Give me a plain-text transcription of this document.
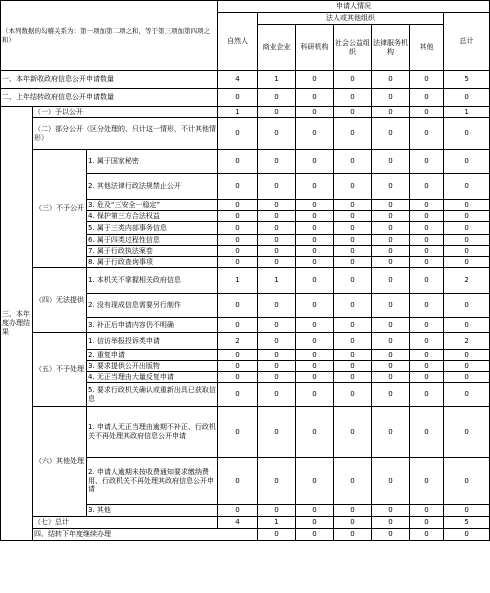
（本列数据的勾稽关系为：第一项加第二项之和，等于第三项加第四项之和）			申请人情况							
			自然人	法人或其他组织					总计	
				商业企业	科研机构	社会公益组织	法律服务机构	其他		
一、本年新收政府信息公开申请数量			4	1	0	0	0	0	5	
二、上年结转政府信息公开申请数量			0	0	0	0	0	0	0	
三、本年度办理结果	（一）予以公开		1	0	0	0	0	0	1	
	（二）部分公开（区分处理的，只计这一情形，不计其他情形）		0	0	0	0	0	0	0	
	（三）不予公开	1. 属于国家秘密	0	0	0	0	0	0	0	
		2. 其他法律行政法规禁止公开	0	0	0	0	0	0	0	
		3. 危及“三安全一稳定”	0	0	0	0	0	0	0	
		4. 保护第三方合法权益	0	0	0	0	0	0	0	
		5. 属于三类内部事务信息	0	0	0	0	0	0	0	
		6. 属于四类过程性信息	0	0	0	0	0	0	0	
		7. 属于行政执法案卷	0	0	0	0	0	0	0	
		8. 属于行政查询事项	0	0	0	0	0	0	0	
	（四）无法提供	1. 本机关不掌握相关政府信息	1	1	0	0	0	0	2	
		2. 没有现成信息需要另行制作	0	0	0	0	0	0	0	
		3. 补正后申请内容仍不明确	0	0	0	0	0	0	0	
	（五）不予处理	1. 信访举报投诉类申请	2	0	0	0	0	0	2	
		2. 重复申请	0	0	0	0	0	0	0	
		3. 要求提供公开出版物	0	0	0	0	0	0	0	
		4. 无正当理由大量反复申请	0	0	0	0	0	0	0	
		5. 要求行政机关确认或重新出具已获取信息	0	0	0	0	0	0	0	
	（六）其他处理	1. 申请人无正当理由逾期不补正、行政机关不再处理其政府信息公开申请	0	0	0	0	0	0	0	
		2. 申请人逾期未按收费通知要求缴纳费用、行政机关不再处理其政府信息公开申请	0	0	0	0	0	0	0	
		3. 其他	0	0	0	0	0	0	0	
	（七）总计		4	1	0	0	0	0	5	
	四、结转下年度继续办理			0	0	0	0	0	0	
